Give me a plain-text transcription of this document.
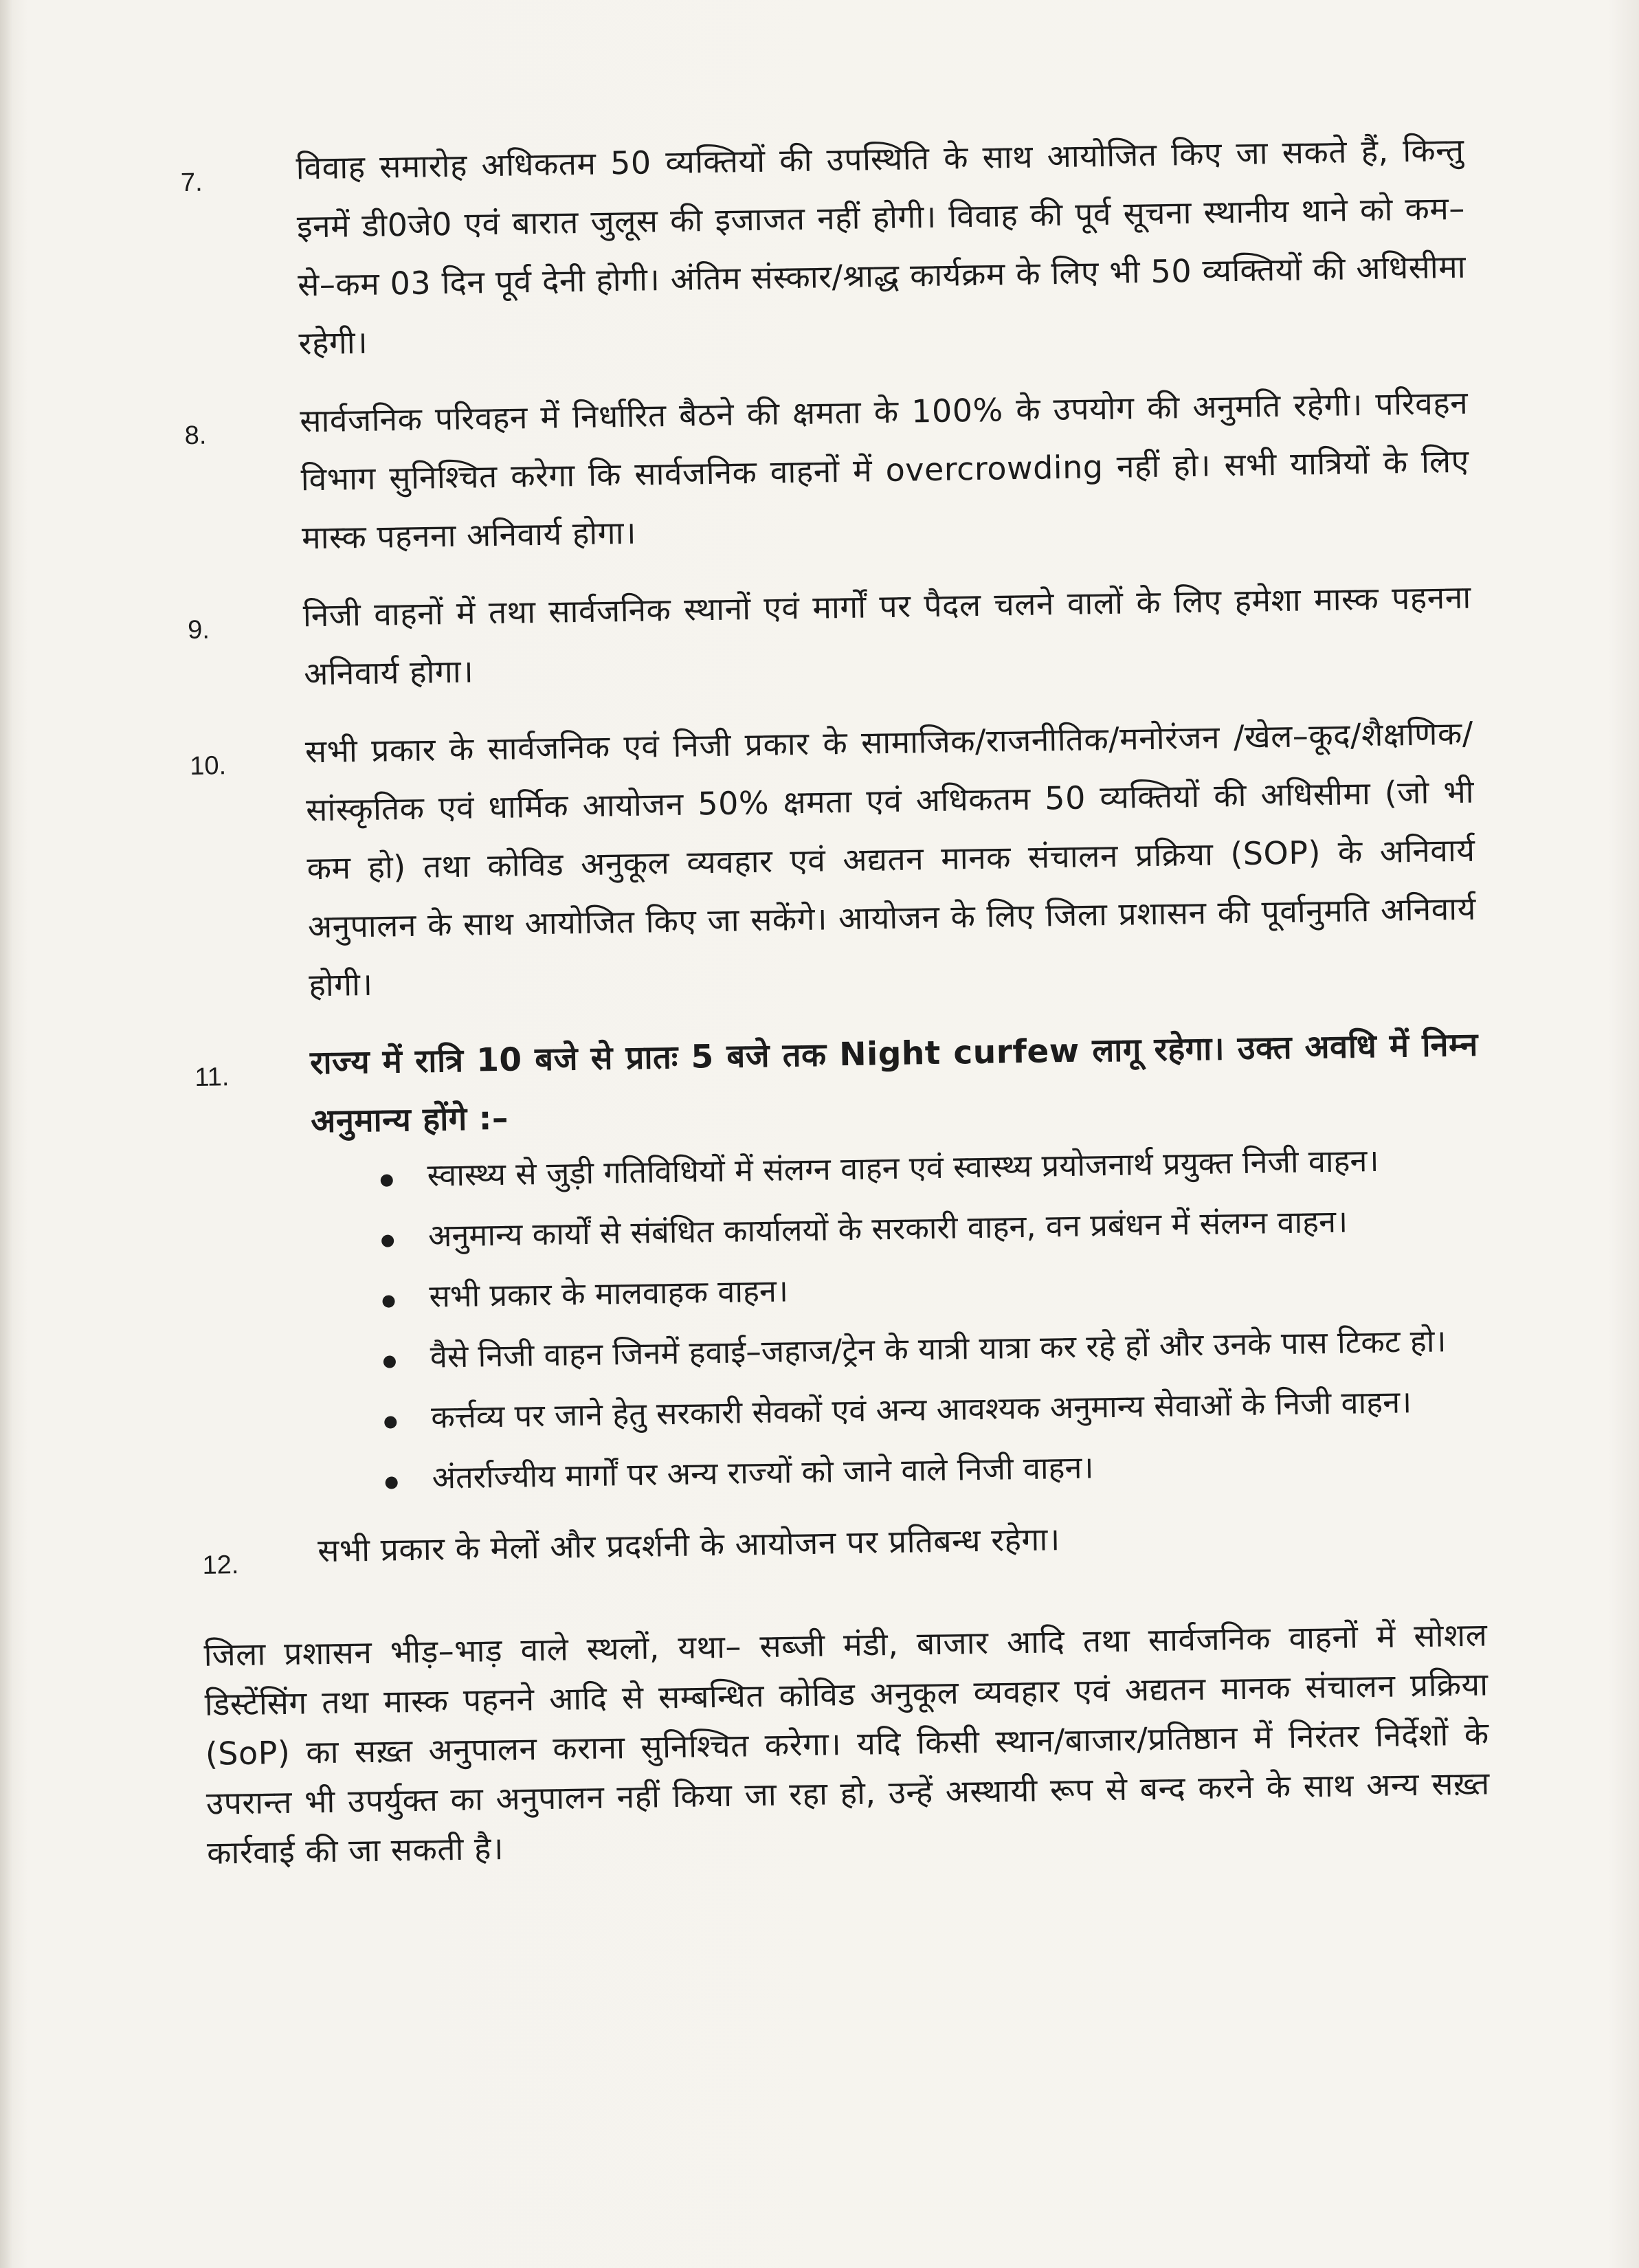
7.	विवाह समारोह अधिकतम 50 व्यक्तियों की उपस्थिति के साथ आयोजित किए जा सकते हैं, किन्तु इनमें डी0जे0 एवं बारात जुलूस की इजाजत नहीं होगी। विवाह की पूर्व सूचना स्थानीय थाने को कम–से–कम 03 दिन पूर्व देनी होगी। अंतिम संस्कार/श्राद्ध कार्यक्रम के लिए भी 50 व्यक्तियों की अधिसीमा रहेगी।
8.	सार्वजनिक परिवहन में निर्धारित बैठने की क्षमता के 100% के उपयोग की अनुमति रहेगी। परिवहन विभाग सुनिश्चित करेगा कि सार्वजनिक वाहनों में overcrowding नहीं हो। सभी यात्रियों के लिए मास्क पहनना अनिवार्य होगा।
9.	निजी वाहनों में तथा सार्वजनिक स्थानों एवं मार्गों पर पैदल चलने वालों के लिए हमेशा मास्क पहनना अनिवार्य होगा।
10. सभी प्रकार के सार्वजनिक एवं निजी प्रकार के सामाजिक/राजनीतिक/मनोरंजन /खेल–कूद/शैक्षणिक/सांस्कृतिक एवं धार्मिक आयोजन 50% क्षमता एवं अधिकतम 50 व्यक्तियों की अधिसीमा (जो भी कम हो) तथा कोविड अनुकूल व्यवहार एवं अद्यतन मानक संचालन प्रक्रिया (SOP) के अनिवार्य अनुपालन के साथ आयोजित किए जा सकेंगे। आयोजन के लिए जिला प्रशासन की पूर्वानुमति अनिवार्य होगी।
11. राज्य में रात्रि 10 बजे से प्रातः 5 बजे तक Night curfew लागू रहेगा। उक्त अवधि में निम्न अनुमान्य होंगे :–
स्वास्थ्य से जुड़ी गतिविधियों में संलग्न वाहन एवं स्वास्थ्य प्रयोजनार्थ प्रयुक्त निजी वाहन।
अनुमान्य कार्यों से संबंधित कार्यालयों के सरकारी वाहन, वन प्रबंधन में संलग्न वाहन।
सभी प्रकार के मालवाहक वाहन।
वैसे निजी वाहन जिनमें हवाई–जहाज/ट्रेन के यात्री यात्रा कर रहे हों और उनके पास टिकट हो।
कर्त्तव्य पर जाने हेतु सरकारी सेवकों एवं अन्य आवश्यक अनुमान्य सेवाओं के निजी वाहन।
अंतर्राज्यीय मार्गों पर अन्य राज्यों को जाने वाले निजी वाहन।
12. सभी प्रकार के मेलों और प्रदर्शनी के आयोजन पर प्रतिबन्ध रहेगा।

जिला प्रशासन भीड़–भाड़ वाले स्थलों, यथा– सब्जी मंडी, बाजार आदि तथा सार्वजनिक वाहनों में सोशल डिस्टेंसिंग तथा मास्क पहनने आदि से सम्बन्धित कोविड अनुकूल व्यवहार एवं अद्यतन मानक संचालन प्रक्रिया (SoP) का सख़्त अनुपालन कराना सुनिश्चित करेगा। यदि किसी स्थान/बाजार/प्रतिष्ठान में निरंतर निर्देशों के उपरान्त भी उपर्युक्त का अनुपालन नहीं किया जा रहा हो, उन्हें अस्थायी रूप से बन्द करने के साथ अन्य सख़्त कार्रवाई की जा सकती है।
